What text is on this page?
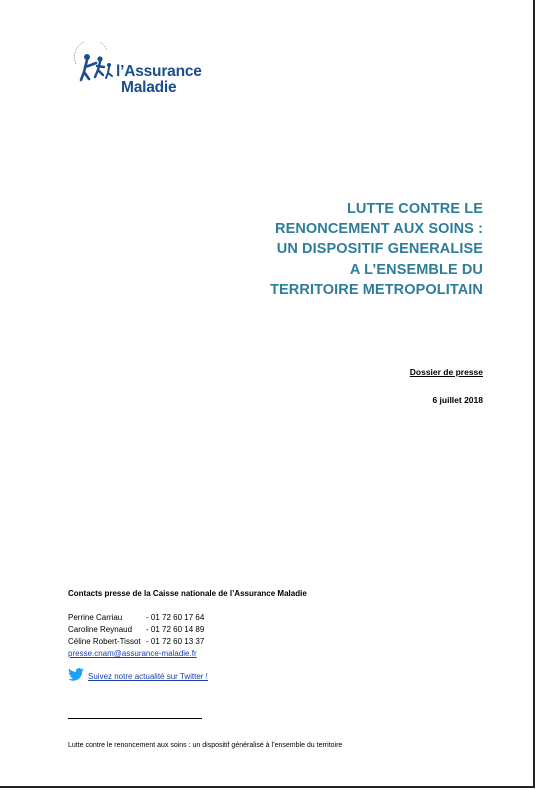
l’Assurance
Maladie
LUTTE CONTRE LE
RENONCEMENT AUX SOINS :
UN DISPOSITIF GENERALISE
A L’ENSEMBLE DU
TERRITOIRE METROPOLITAIN
Dossier de presse
6 juillet 2018
Contacts presse de la Caisse nationale de l’Assurance Maladie
Perrine Carriau	- 01 72 60 17 64
Caroline Reynaud - 01 72 60 14 89
Céline Robert-Tissot - 01 72 60 13 37
presse.cnam@assurance-maladie.fr
Suivez notre actualité sur Twitter !
Lutte contre le renoncement aux soins : un dispositif généralisé à l’ensemble du territoire
